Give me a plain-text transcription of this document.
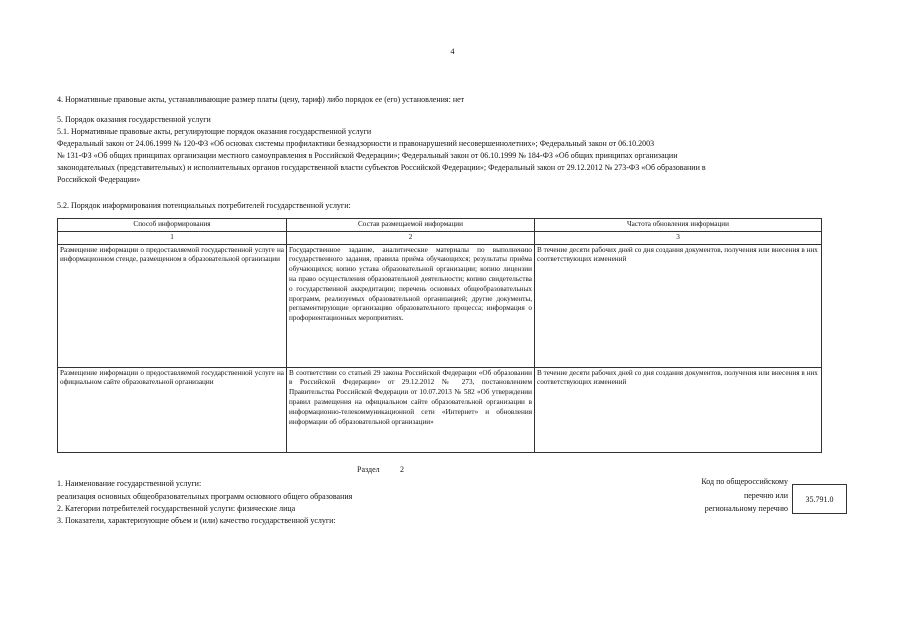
4
4. Нормативные правовые акты, устанавливающие размер платы (цену, тариф) либо порядок ее (его) установления: нет
5. Порядок оказания государственной услуги
5.1. Нормативные правовые акты, регулирующие порядок оказания государственной услуги
Федеральный закон от 24.06.1999 № 120-ФЗ «Об основах системы профилактики безнадзорности и правонарушений несовершеннолетних»; Федеральный закон от 06.10.2003
№ 131-ФЗ «Об общих принципах организации местного самоуправления в Российской Федерации»; Федеральный закон от 06.10.1999 № 184-ФЗ «Об общих принципах организации
законодательных (представительных) и исполнительных органов государственной власти субъектов Российской Федерации»; Федеральный закон от 29.12.2012 № 273-ФЗ «Об образовании в
Российской Федерации»
5.2. Порядок информирования потенциальных потребителей государственной услуги:
Способ информирования	Состав размещаемой информации	Частота обновления информации
1	2	3
Размещение информации о предоставляемой государственной услуге на информационном стенде, размещенном в образовательной организации	Государственное задание, аналитические материалы по выполнению государственного задания, правила приёма обучающихся; результаты приёма обучающихся; копию устава образовательной организации; копию лицензии на право осуществления образовательной деятельности; копию свидетельства о государственной аккредитации; перечень основных общеобразовательных программ, реализуемых образовательной организацией; другие документы, регламентирующие организацию образовательного процесса; информация о профориентационных мероприятиях.	В течение десяти рабочих дней со дня создания документов, получения или внесения в них соответствующих изменений
Размещение информации о предоставляемой государственной услуге на официальном сайте образовательной организации	В соответствии со статьей 29 закона Российской Федерации «Об образовании в Российской Федерации» от 29.12.2012 № 273, постановлением Правительства Российской Федерации от 10.07.2013 № 582 «Об утверждении правил размещения на официальном сайте образовательной организации в информационно-телекоммуникационной сети «Интернет» и обновления информации об образовательной организации»	В течение десяти рабочих дней со дня создания документов, получения или внесения в них соответствующих изменений
Раздел	2
1. Наименование государственной услуги:
реализация основных общеобразовательных программ основного общего образования
2. Категории потребителей государственной услуги: физические лица
3. Показатели, характеризующие объем и (или) качество государственной услуги:
Код по общероссийскому
перечню или
региональному перечню
35.791.0
